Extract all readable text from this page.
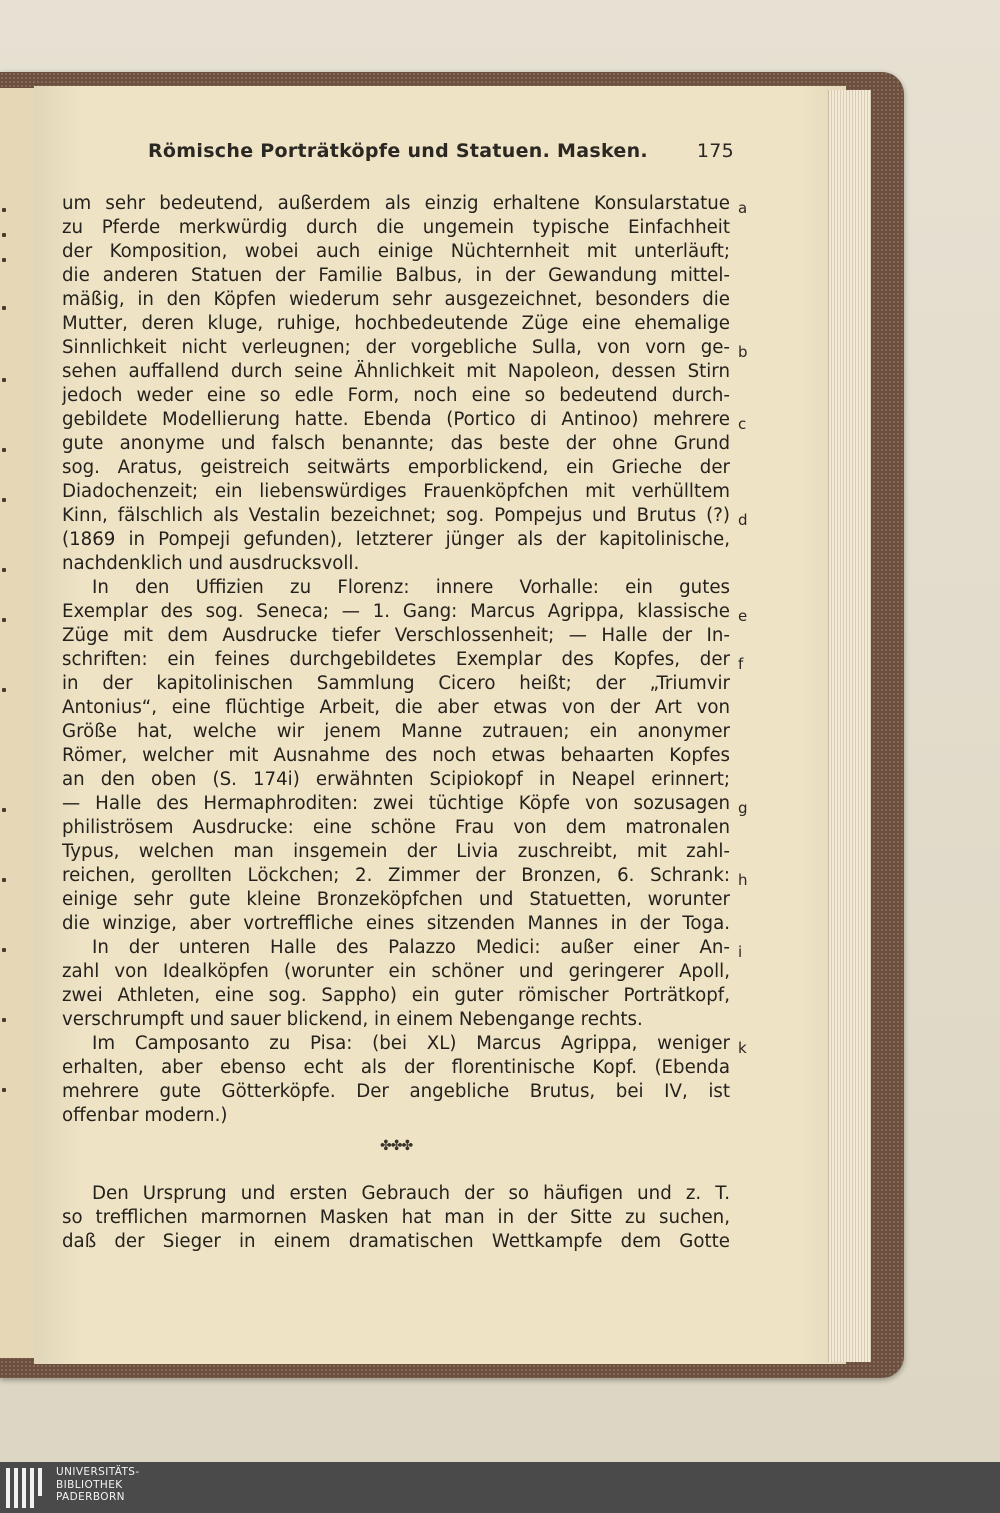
Römische Porträtköpfe und Statuen. Masken.	175
um sehr bedeutend, außerdem als einzig erhaltene Konsularstatue
zu Pferde merkwürdig durch die ungemein typische Einfachheit
der Komposition, wobei auch einige Nüchternheit mit unterläuft;
die anderen Statuen der Familie Balbus, in der Gewandung mittel-
mäßig, in den Köpfen wiederum sehr ausgezeichnet, besonders die
Mutter, deren kluge, ruhige, hochbedeutende Züge eine ehemalige
Sinnlichkeit nicht verleugnen; der vorgebliche Sulla, von vorn ge-
sehen auffallend durch seine Ähnlichkeit mit Napoleon, dessen Stirn
jedoch weder eine so edle Form, noch eine so bedeutend durch-
gebildete Modellierung hatte. Ebenda (Portico di Antinoo) mehrere
gute anonyme und falsch benannte; das beste der ohne Grund
sog. Aratus, geistreich seitwärts emporblickend, ein Grieche der
Diadochenzeit; ein liebenswürdiges Frauenköpfchen mit verhülltem
Kinn, fälschlich als Vestalin bezeichnet; sog. Pompejus und Brutus (?)
(1869 in Pompeji gefunden), letzterer jünger als der kapitolinische,
nachdenklich und ausdrucksvoll.
In den Uffizien zu Florenz: innere Vorhalle: ein gutes
Exemplar des sog. Seneca; — 1. Gang: Marcus Agrippa, klassische
Züge mit dem Ausdrucke tiefer Verschlossenheit; — Halle der In-
schriften: ein feines durchgebildetes Exemplar des Kopfes, der
in der kapitolinischen Sammlung Cicero heißt; der „Triumvir
Antonius“, eine flüchtige Arbeit, die aber etwas von der Art von
Größe hat, welche wir jenem Manne zutrauen; ein anonymer
Römer, welcher mit Ausnahme des noch etwas behaarten Kopfes
an den oben (S. 174i) erwähnten Scipiokopf in Neapel erinnert;
— Halle des Hermaphroditen: zwei tüchtige Köpfe von sozusagen
philiströsem Ausdrucke: eine schöne Frau von dem matronalen
Typus, welchen man insgemein der Livia zuschreibt, mit zahl-
reichen, gerollten Löckchen; 2. Zimmer der Bronzen, 6. Schrank:
einige sehr gute kleine Bronzeköpfchen und Statuetten, worunter
die winzige, aber vortreffliche eines sitzenden Mannes in der Toga.
In der unteren Halle des Palazzo Medici: außer einer An-
zahl von Idealköpfen (worunter ein schöner und geringerer Apoll,
zwei Athleten, eine sog. Sappho) ein guter römischer Porträtkopf,
verschrumpft und sauer blickend, in einem Nebengange rechts.
Im Camposanto zu Pisa: (bei XL) Marcus Agrippa, weniger
erhalten, aber ebenso echt als der florentinische Kopf. (Ebenda
mehrere gute Götterköpfe. Der angebliche Brutus, bei IV, ist
offenbar modern.)
Den Ursprung und ersten Gebrauch der so häufigen und z. T.
so trefflichen marmornen Masken hat man in der Sitte zu suchen,
daß der Sieger in einem dramatischen Wettkampfe dem Gotte
✤✤✤
a
b
c
d
e
f
g
h
i
k
UNIVERSITÄTS-
BIBLIOTHEK
PADERBORN
